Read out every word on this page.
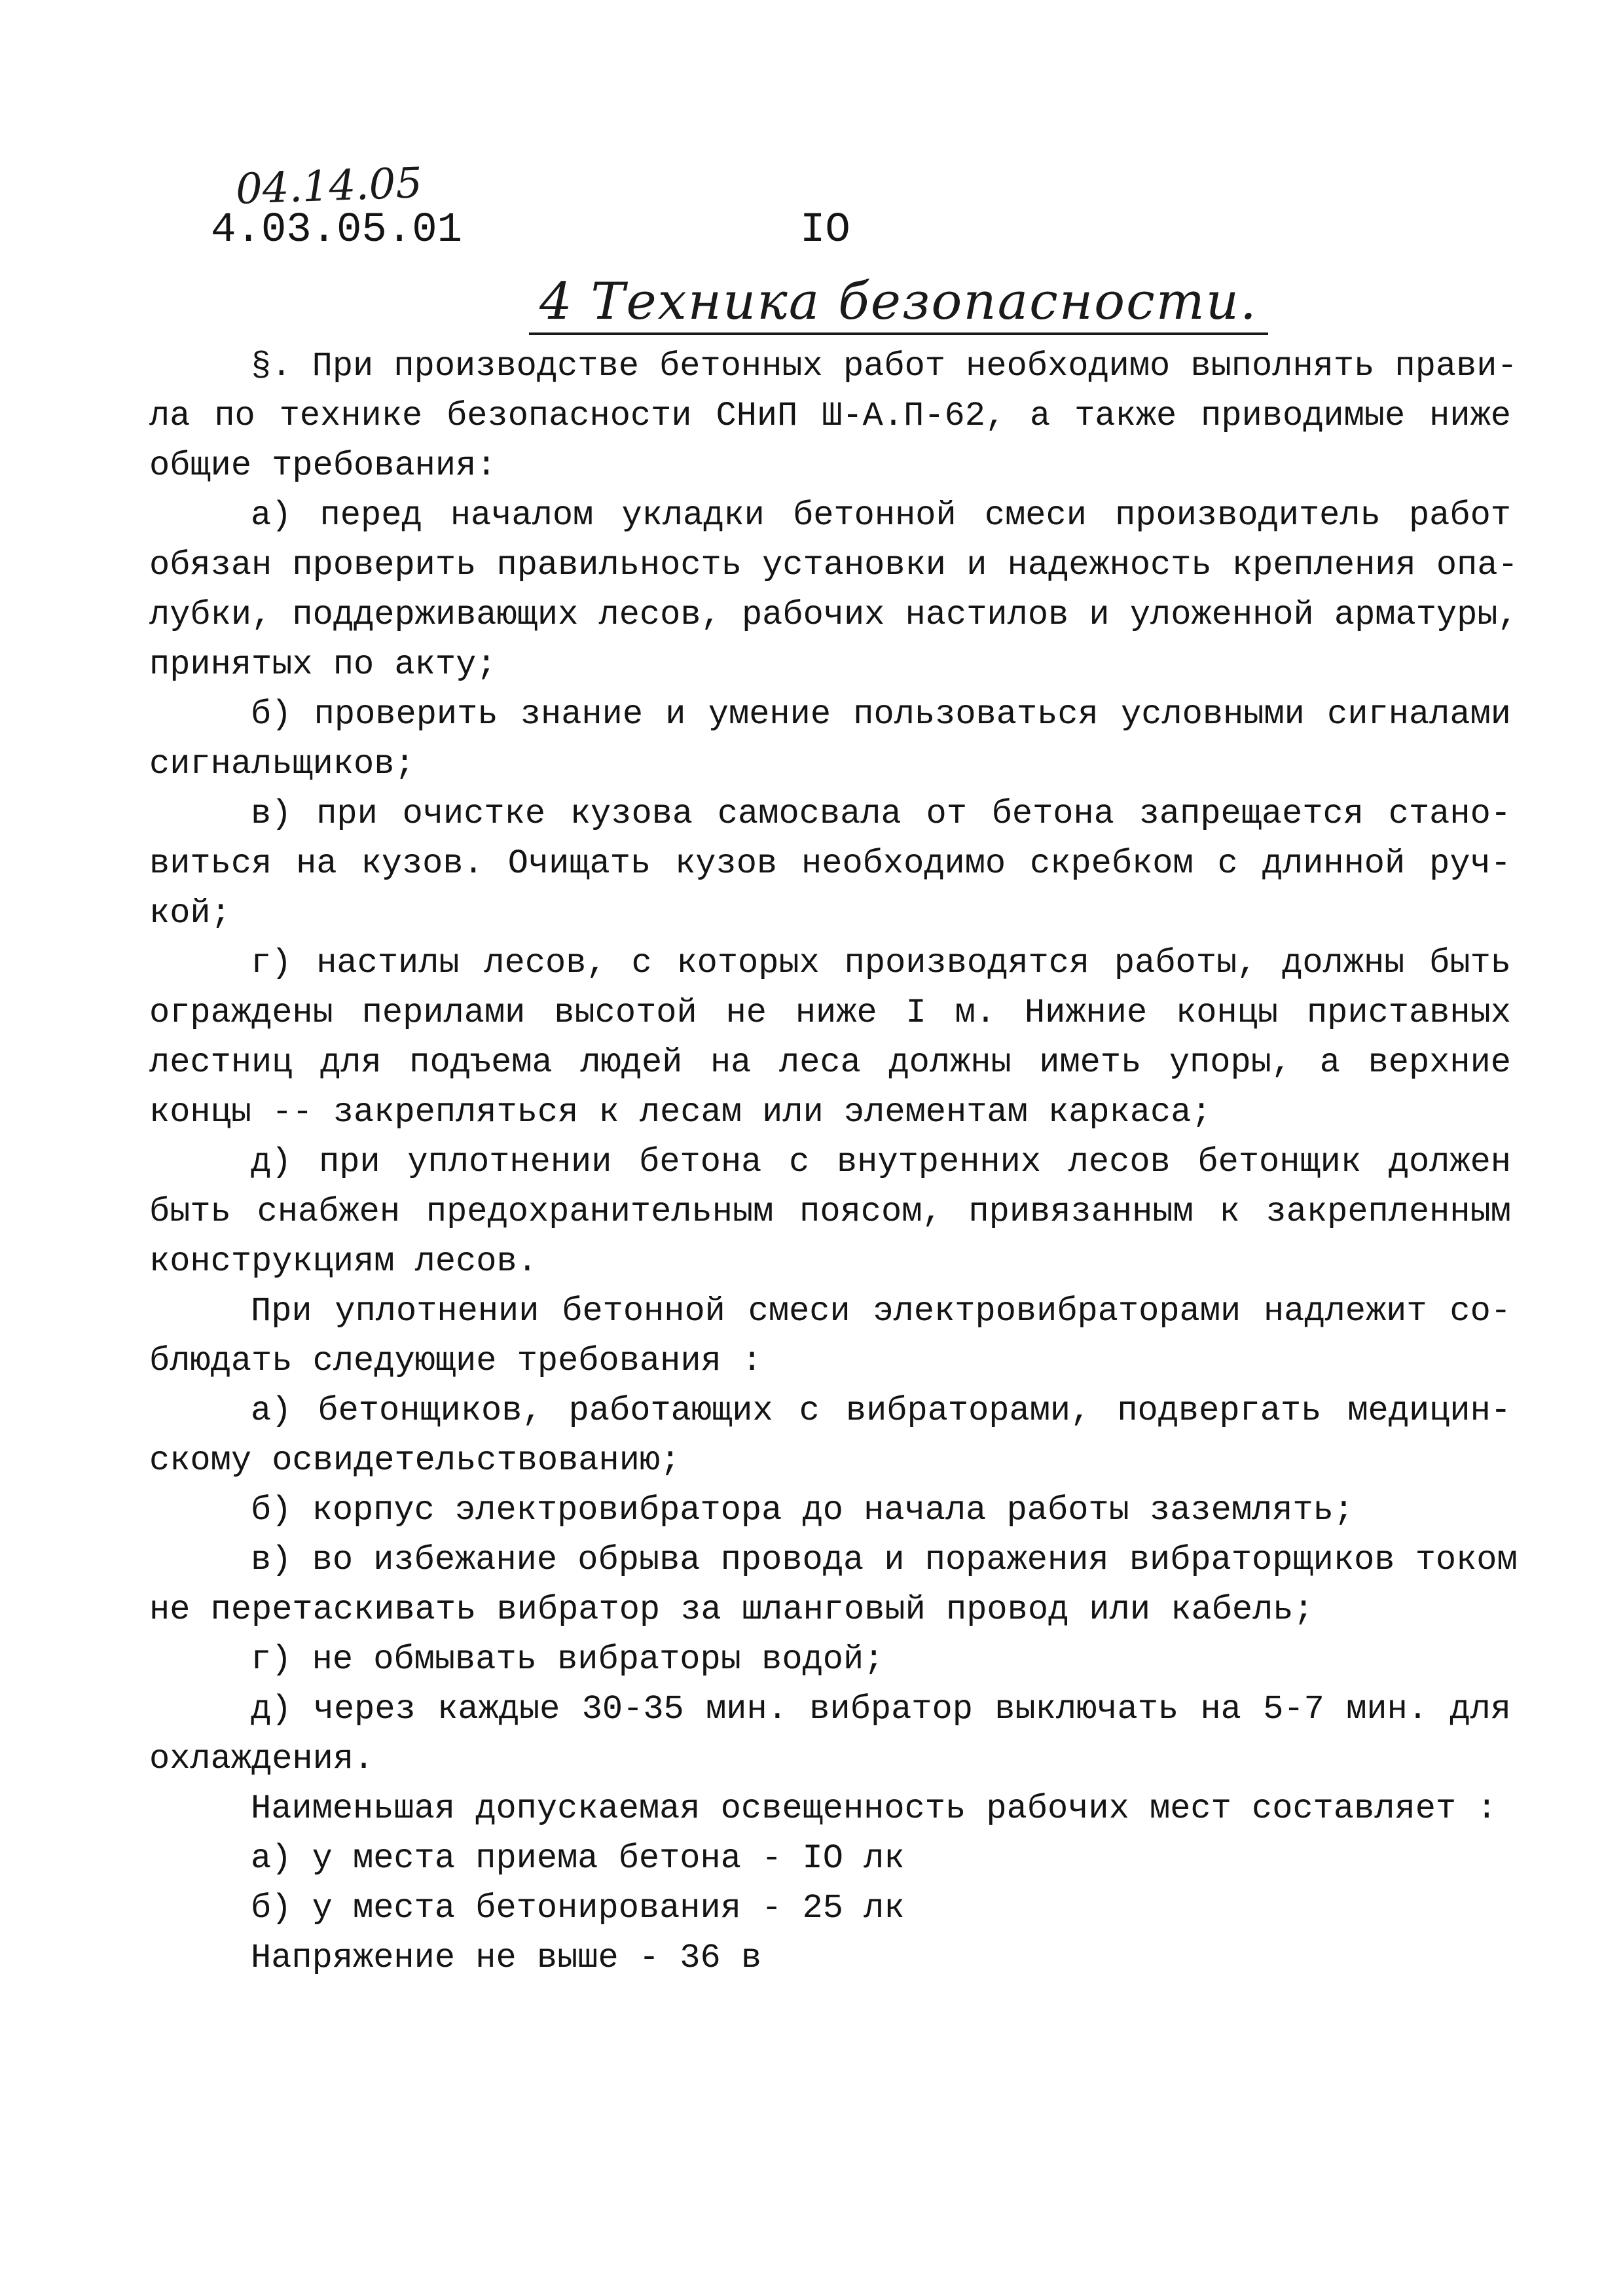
04.14.05
4.03.05.01	IO
4 Техника безопасности.
§. При производстве бетонных работ необходимо выполнять прави-
ла по технике безопасности СНиП Ш-А.П-62, а также приводимые ниже
общие требования:
а) перед началом укладки бетонной смеси производитель работ
обязан проверить правильность установки и надежность крепления опа-
лубки, поддерживающих лесов, рабочих настилов и уложенной арматуры,
принятых по акту;
б) проверить знание и умение пользоваться условными сигналами
сигнальщиков;
в) при очистке кузова самосвала от бетона запрещается стано-
виться на кузов. Очищать кузов необходимо скребком с длинной руч-
кой;
г) настилы лесов, с которых производятся работы, должны быть
ограждены перилами высотой не ниже I м. Нижние концы приставных
лестниц для подъема людей на леса должны иметь упоры, а верхние
концы -- закрепляться к лесам или элементам каркаса;
д) при уплотнении бетона с внутренних лесов бетонщик должен
быть снабжен предохранительным поясом, привязанным к закрепленным
конструкциям лесов.
При уплотнении бетонной смеси электровибраторами надлежит со-
блюдать следующие требования :
а) бетонщиков, работающих с вибраторами, подвергать медицин-
скому освидетельствованию;
б) корпус электровибратора до начала работы заземлять;
в) во избежание обрыва провода и поражения вибраторщиков током
не перетаскивать вибратор за шланговый провод или кабель;
г) не обмывать вибраторы водой;
д) через каждые 30-35 мин. вибратор выключать на 5-7 мин. для
охлаждения.
Наименьшая допускаемая освещенность рабочих мест составляет :
а) у места приема бетона - IO лк
б) у места бетонирования - 25 лк
Напряжение не выше - 36 в
